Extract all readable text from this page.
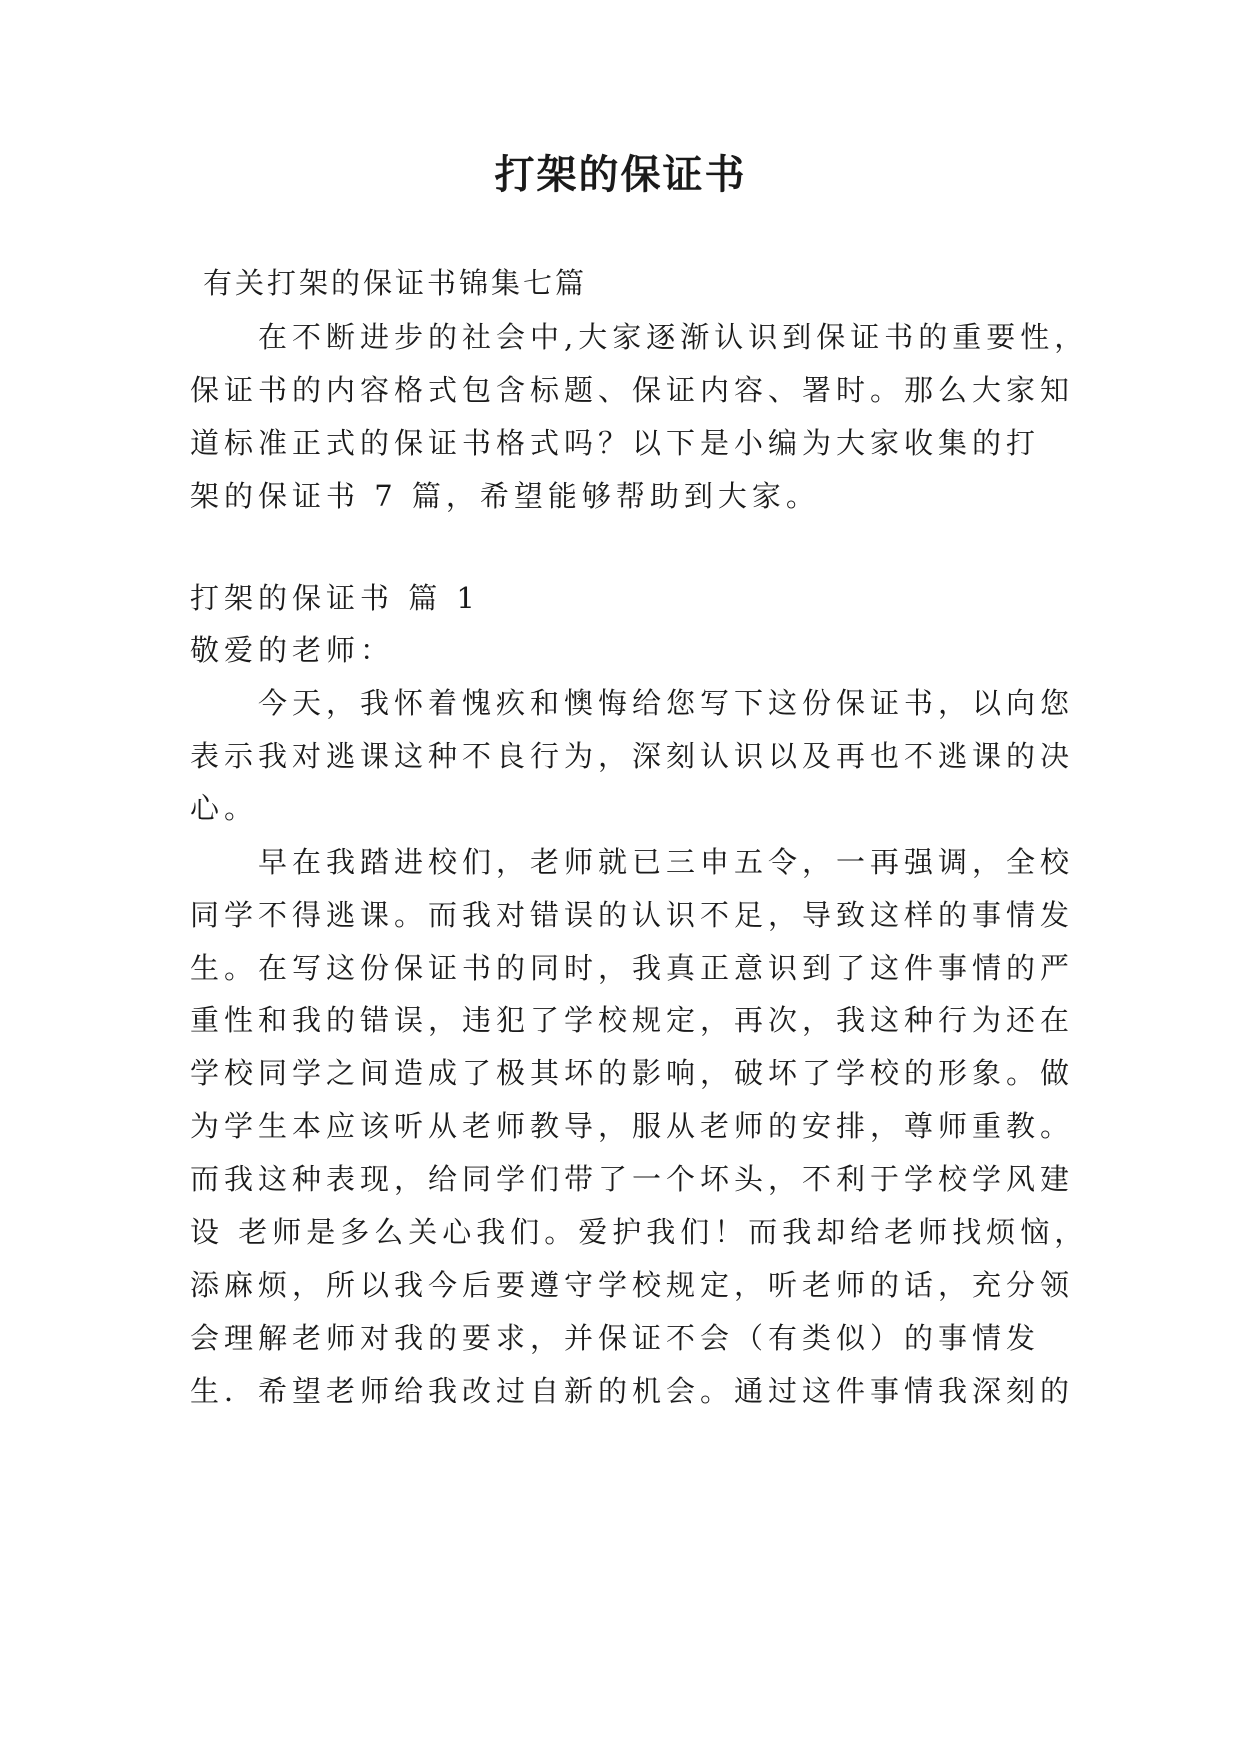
打架的保证书
有关打架的保证书锦集七篇
在不断进步的社会中,大家逐渐认识到保证书的重要性，
保证书的内容格式包含标题、保证内容、署时。那么大家知
道标准正式的保证书格式吗？以下是小编为大家收集的打
架的保证书 7 篇，希望能够帮助到大家。
打架的保证书 篇 1
敬爱的老师：
今天，我怀着愧疚和懊悔给您写下这份保证书，以向您
表示我对逃课这种不良行为，深刻认识以及再也不逃课的决
心。
早在我踏进校们，老师就已三申五令，一再强调，全校
同学不得逃课。而我对错误的认识不足，导致这样的事情发
生。在写这份保证书的同时，我真正意识到了这件事情的严
重性和我的错误，违犯了学校规定，再次，我这种行为还在
学校同学之间造成了极其坏的影响，破坏了学校的形象。做
为学生本应该听从老师教导，服从老师的安排，尊师重教。
而我这种表现，给同学们带了一个坏头，不利于学校学风建
设 老师是多么关心我们。爱护我们！而我却给老师找烦恼，
添麻烦，所以我今后要遵守学校规定，听老师的话，充分领
会理解老师对我的要求，并保证不会（有类似）的事情发
生．希望老师给我改过自新的机会。通过这件事情我深刻的
